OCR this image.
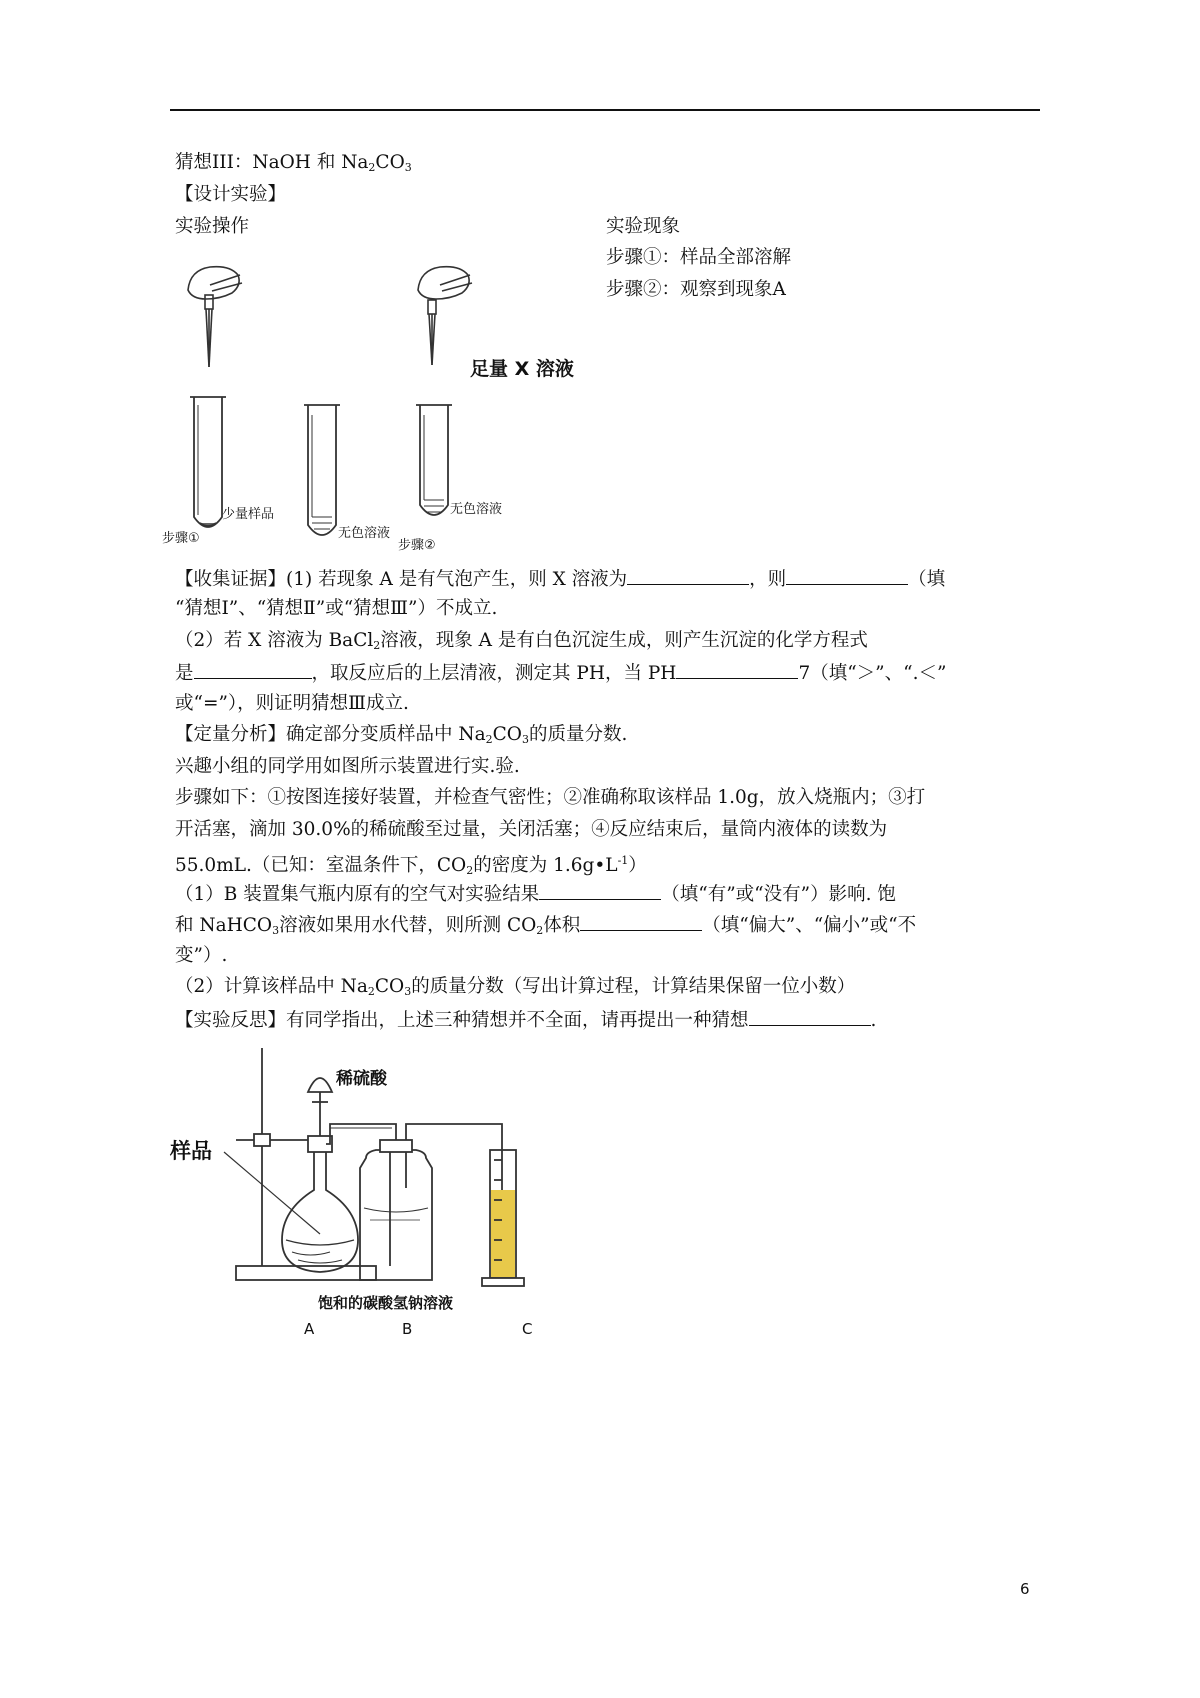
猜想III：NaOH 和 $Na_2CO_3$
【设计实验】
实验操作	实验现象
步骤①：样品全部溶解
步骤②：观察到现象A
足量 X 溶液
少量样品	无色溶液
无色溶液
步骤①	步骤②
【收集证据】(1) 若现象 A 是有气泡产生，则 X 溶液为	，则	（填
“猜想Ⅰ”、“猜想Ⅱ”或“猜想Ⅲ”）不成立.
（2）若 X 溶液为 BaCl$_2$溶液，现象 A 是有白色沉淀生成，则产生沉淀的化学方程式
是	，取反应后的上层清液，测定其 PH，当 PH	7（填“＞”、“.＜”
或“=”），则证明猜想Ⅲ成立.
【定量分析】确定部分变质样品中 $Na_2CO_3$的质量分数.
兴趣小组的同学用如图所示装置进行实.验.
步骤如下：①按图连接好装置，并检查气密性；②准确称取该样品 1.0g，放入烧瓶内；③打
开活塞，滴加 30.0%的稀硫酸至过量，关闭活塞；④反应结束后，量筒内液体的读数为
55.0mL.（已知：室温条件下，$CO_2$的密度为 $1.6g•L^{-1}$）
（1）B 装置集气瓶内原有的空气对实验结果	（填“有”或“没有”）影响. 饱
和 NaHCO$_3$溶液如果用水代替，则所测 $CO_2$体积	（填“偏大”、“偏小”或“不
变”）.
（2）计算该样品中 $Na_2CO_3$的质量分数（写出计算过程，计算结果保留一位小数）
【实验反思】有同学指出，上述三种猜想并不全面，请再提出一种猜想	.
稀硫酸
样品
饱和的碳酸氢钠溶液
A	B	C
6
